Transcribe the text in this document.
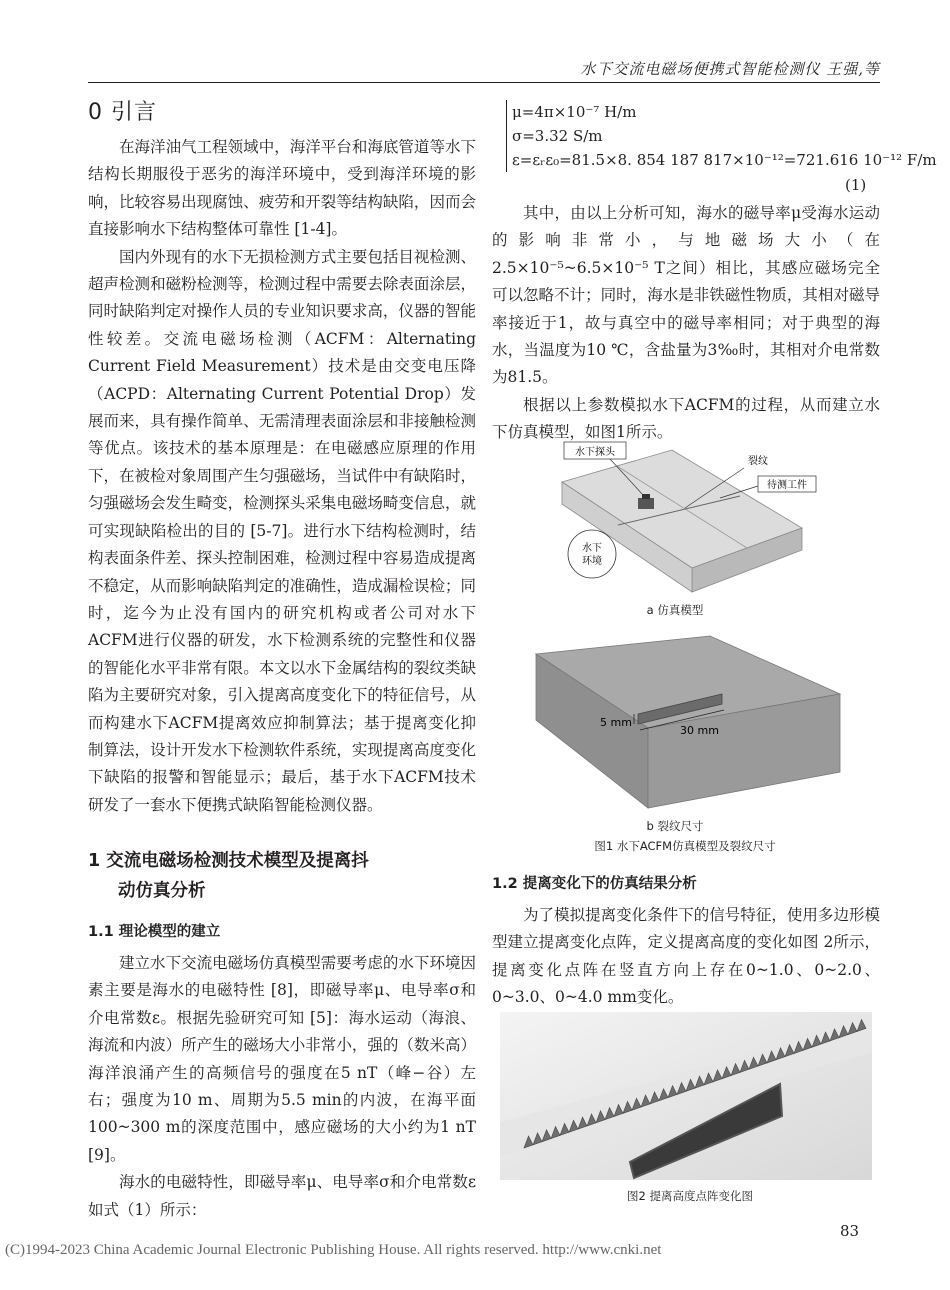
水下交流电磁场便携式智能检测仪 王强,等
0 引言

在海洋油气工程领域中，海洋平台和海底管道等水下结构长期服役于恶劣的海洋环境中，受到海洋环境的影响，比较容易出现腐蚀、疲劳和开裂等结构缺陷，因而会直接影响水下结构整体可靠性 [1-4]。

国内外现有的水下无损检测方式主要包括目视检测、超声检测和磁粉检测等，检测过程中需要去除表面涂层，同时缺陷判定对操作人员的专业知识要求高，仪器的智能性较差。交流电磁场检测（ACFM：Alternating Current Field Measurement）技术是由交变电压降（ACPD：Alternating Current Potential Drop）发展而来，具有操作简单、无需清理表面涂层和非接触检测等优点。该技术的基本原理是：在电磁感应原理的作用下，在被检对象周围产生匀强磁场，当试件中有缺陷时，匀强磁场会发生畸变，检测探头采集电磁场畸变信息，就可实现缺陷检出的目的 [5-7]。进行水下结构检测时，结构表面条件差、探头控制困难，检测过程中容易造成提离不稳定，从而影响缺陷判定的准确性，造成漏检误检；同时，迄今为止没有国内的研究机构或者公司对水下ACFM进行仪器的研发，水下检测系统的完整性和仪器的智能化水平非常有限。本文以水下金属结构的裂纹类缺陷为主要研究对象，引入提离高度变化下的特征信号，从而构建水下ACFM提离效应抑制算法；基于提离变化抑制算法，设计开发水下检测软件系统，实现提离高度变化下缺陷的报警和智能显示；最后，基于水下ACFM技术研发了一套水下便携式缺陷智能检测仪器。

1 交流电磁场检测技术模型及提离抖
动仿真分析
1.1 理论模型的建立

建立水下交流电磁场仿真模型需要考虑的水下环境因素主要是海水的电磁特性 [8]，即磁导率μ、电导率σ和介电常数ε。根据先验研究可知 [5]：海水运动（海浪、海流和内波）所产生的磁场大小非常小，强的（数米高）海洋浪涌产生的高频信号的强度在5 nT（峰−谷）左右；强度为10 m、周期为5.5 min的内波，在海平面100~300 m的深度范围中，感应磁场的大小约为1 nT [9]。

海水的电磁特性，即磁导率μ、电导率σ和介电常数ε如式（1）所示：

μ=4π×10⁻⁷ H/m
σ=3.32 S/m
ε=εᵣε₀=81.5×8. 854 187 817×10⁻¹²=721.616 10⁻¹² F/m
(1)

其中，由以上分析可知，海水的磁导率μ受海水运动的影响非常小，与地磁场大小（在2.5×10⁻⁵~6.5×10⁻⁵ T之间）相比，其感应磁场完全可以忽略不计；同时，海水是非铁磁性物质，其相对磁导率接近于1，故与真空中的磁导率相同；对于典型的海水，当温度为10 ℃，含盐量为3‰时，其相对介电常数为81.5。

根据以上参数模拟水下ACFM的过程，从而建立水下仿真模型，如图1所示。

水下探头
裂纹
待测工件
水下
环境
a 仿真模型
5 mm
30 mm
b 裂纹尺寸
图1 水下ACFM仿真模型及裂纹尺寸
1.2 提离变化下的仿真结果分析

为了模拟提离变化条件下的信号特征，使用多边形模型建立提离变化点阵，定义提离高度的变化如图 2所示，提离变化点阵在竖直方向上存在0~1.0、0~2.0、0~3.0、0~4.0 mm变化。

图2 提离高度点阵变化图
83
(C)1994-2023 China Academic Journal Electronic Publishing House. All rights reserved. http://www.cnki.net
